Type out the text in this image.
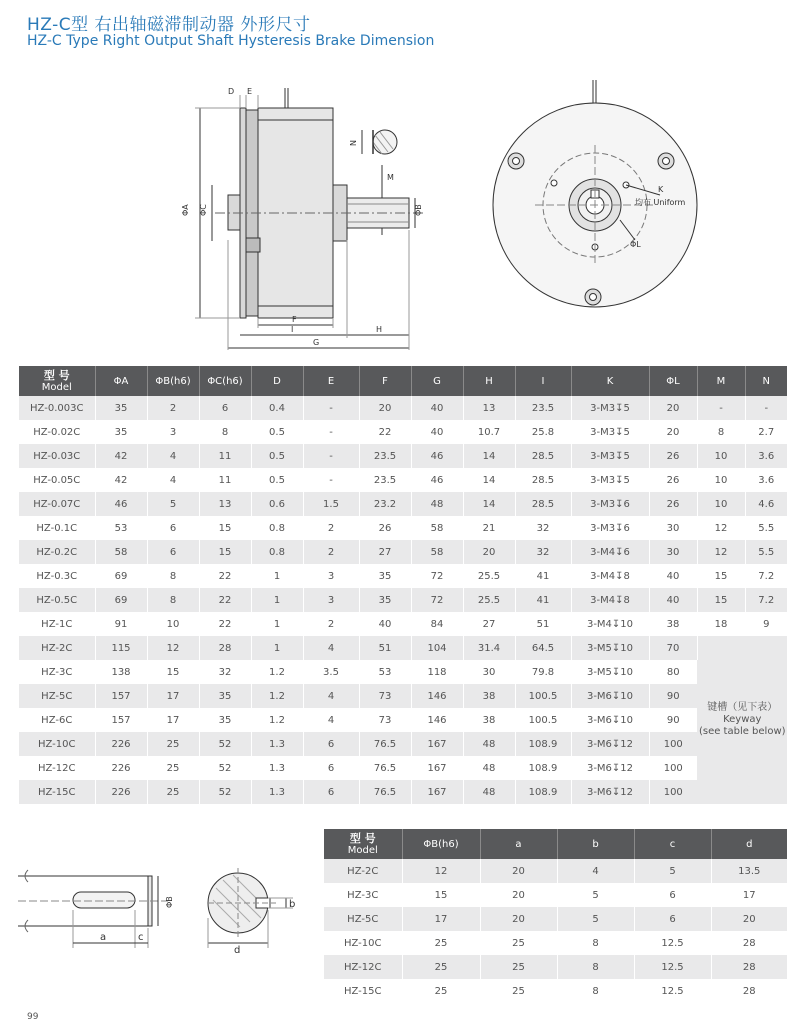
HZ-C型 右出轴磁滞制动器 外形尺寸
HZ-C Type Right Output Shaft Hysteresis Brake Dimension
D E
ΦA ΦC	ΦB
N
M
F
I	H
G
K
均布 Uniform
ΦL
型 号
Model	ΦA	ΦB(h6)	ΦC(h6)	D	E	F	G	H	I	K	ΦL	M	N
HZ-0.003C	35	2	6	0.4	-	20	40	13	23.5	3-M3↧5	20	-	-
HZ-0.02C	35	3	8	0.5	-	22	40	10.7	25.8	3-M3↧5	20	8	2.7
HZ-0.03C	42	4	11	0.5	-	23.5	46	14	28.5	3-M3↧5	26	10	3.6
HZ-0.05C	42	4	11	0.5	-	23.5	46	14	28.5	3-M3↧5	26	10	3.6
HZ-0.07C	46	5	13	0.6	1.5	23.2	48	14	28.5	3-M3↧6	26	10	4.6
HZ-0.1C	53	6	15	0.8	2	26	58	21	32	3-M3↧6	30	12	5.5
HZ-0.2C	58	6	15	0.8	2	27	58	20	32	3-M4↧6	30	12	5.5
HZ-0.3C	69	8	22	1	3	35	72	25.5	41	3-M4↧8	40	15	7.2
HZ-0.5C	69	8	22	1	3	35	72	25.5	41	3-M4↧8	40	15	7.2
HZ-1C	91	10	22	1	2	40	84	27	51	3-M4↧10	38	18	9
HZ-2C	115	12	28	1	4	51	104	31.4	64.5	3-M5↧10	70	键槽（见下表）
Keyway
(see table below)	

HZ-3C	138	15	32	1.2	3.5	53	118	30	79.8	3-M5↧10	80		
HZ-5C	157	17	35	1.2	4	73	146	38	100.5	3-M6↧10	90		
HZ-6C	157	17	35	1.2	4	73	146	38	100.5	3-M6↧10	90		
HZ-10C	226	25	52	1.3	6	76.5	167	48	108.9	3-M6↧12	100		
HZ-12C	226	25	52	1.3	6	76.5	167	48	108.9	3-M6↧12	100		
HZ-15C	226	25	52	1.3	6	76.5	167	48	108.9	3-M6↧12	100		
a	c
b
d
ΦB
型 号
Model	ΦB(h6)	a	b	c	d
HZ-2C	12	20	4	5	13.5
HZ-3C	15	20	5	6	17
HZ-5C	17	20	5	6	20
HZ-10C	25	25	8	12.5	28
HZ-12C	25	25	8	12.5	28
HZ-15C	25	25	8	12.5	28
99
